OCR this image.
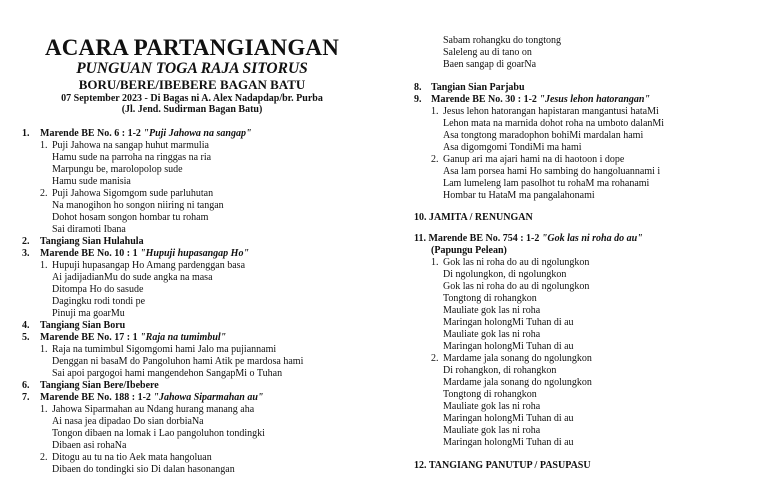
ACARA PARTANGIANGAN
PUNGUAN TOGA RAJA SITORUS
BORU/BERE/IBEBERE BAGAN BATU
07 September 2023 - Di Bagas ni A. Alex Nadapdap/br. Purba
(Jl. Jend. Sudirman Bagan Batu)
1. Marende BE No. 6 : 1-2 "Puji Jahowa na sangap"
1. Puji Jahowa na sangap huhut marmulia
Hamu sude na parroha na ringgas na ria
Marpungu be, marolopolop sude
Hamu sude manisia
2. Puji Jahowa Sigomgom sude parluhutan
Na manogihon ho songon niiring ni tangan
Dohot hosam songon hombar tu roham
Sai diramoti Ibana
2. Tangiang Sian Hulahula
3. Marende BE No. 10 : 1 "Hupuji hupasangap Ho"
1. Hupuji hupasangap Ho Amang pardenggan basa
Ai jadijadianMu do sude angka na masa
Ditompa Ho do sasude
Dagingku rodi tondi pe
Pinuji ma goarMu
4. Tangiang Sian Boru
5. Marende BE No. 17 : 1 "Raja na tumimbul"
1. Raja na tumimbul Sigomgomi hami Jalo ma pujiannami
Denggan ni basaM do Pangoluhon hami Atik pe mardosa hami
Sai apoi pargogoi hami mangendehon SangapMi o Tuhan
6. Tangiang Sian Bere/Ibebere
7. Marende BE No. 188 : 1-2 "Jahowa Siparmahan au"
1. Jahowa Siparmahan au Ndang hurang manang aha
Ai nasa jea dipadao Do sian dorbiaNa
Tongon dibaen na lomak i Lao pangoluhon tondingki
Dibaen asi rohaNa
2. Ditogu au tu na tio Aek mata hangoluan
Dibaen do tondingki sio Di dalan hasonangan
Sabam rohangku do tongtong
Saleleng au di tano on
Baen sangap di goarNa
8. Tangian Sian Parjabu
9. Marende BE No. 30 : 1-2 "Jesus lehon hatorangan"
1. Jesus lehon hatorangan hapistaran mangantusi hataMi
Lehon mata na marnida dohot roha na umboto dalanMi
Asa tongtong maradophon bohiMi mardalan hami
Asa digomgomi TondiMi ma hami
2. Ganup ari ma ajari hami na di haotoon i dope
Asa lam porsea hami Ho sambing do hangoluannami i
Lam lumeleng lam pasolhot tu rohaM ma rohanami
Hombar tu HataM ma pangalahonami
10. JAMITA / RENUNGAN
11. Marende BE No. 754 : 1-2 "Gok las ni roha do au"
(Papungu Pelean)
1. Gok las ni roha do au di ngolungkon
Di ngolungkon, di ngolungkon
Gok las ni roha do au di ngolungkon
Tongtong di rohangkon
Mauliate gok las ni roha
Maringan holongMi Tuhan di au
Mauliate gok las ni roha
Maringan holongMi Tuhan di au
2. Mardame jala sonang do ngolungkon
Di rohangkon, di rohangkon
Mardame jala sonang do ngolungkon
Tongtong di rohangkon
Mauliate gok las ni roha
Maringan holongMi Tuhan di au
Mauliate gok las ni roha
Maringan holongMi Tuhan di au
12. TANGIANG PANUTUP / PASUPASU
